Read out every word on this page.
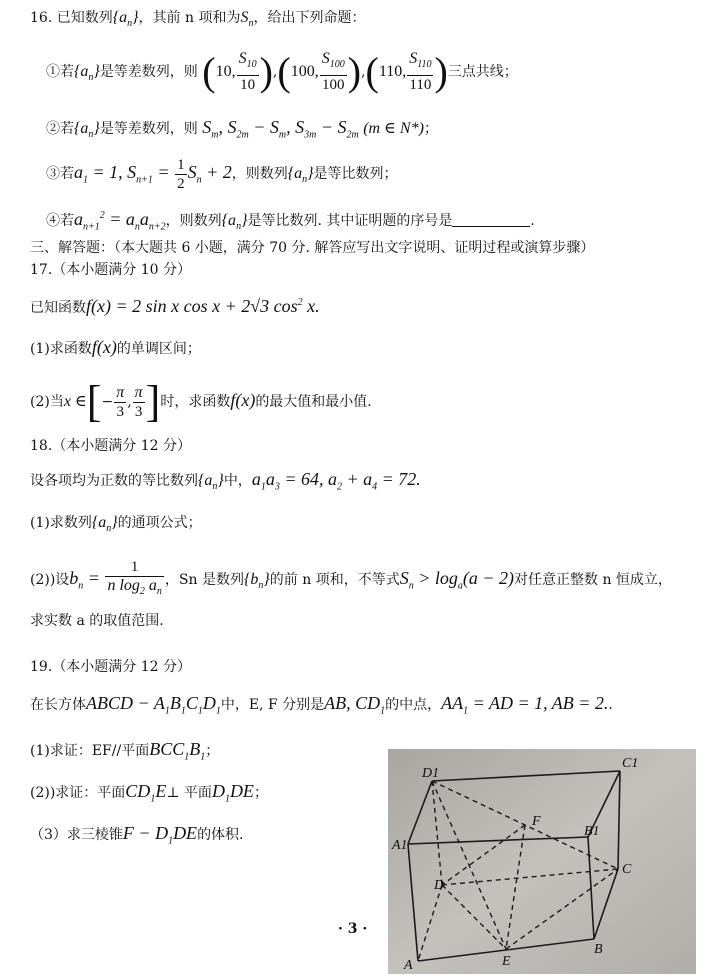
16. 已知数列$\{a_n\}$，其前 n 项和为$S_n$，给出下列命题：
①若$\{a_n\}$是等差数列，则 (10, $\frac{S_{10}}{10} ),(100$, $\frac{S_{100}}{100} ),(110$, $\frac{S_{110}}{110}$ )三点共线；
②若$\{a_n\}$是等差数列，则 $S_m$, $S_{2m} - S_m$, $S_{3m} - S_{2m}$ (m ∈ N*)；
③若$a_1 = 1$, $S_{n+1} = \frac{1}{2} S_n + 2$，则数列$\{a_n\}$是等比数列；
④若$a_{n+1}^2 = a_na_{n+2}$，则数列$\{a_n\}$是等比数列. 其中证明题的序号是	.
三、解答题：（本大题共 6 小题，满分 70 分. 解答应写出文字说明、证明过程或演算步骤）
17.（本小题满分 10 分）
已知函数f(x) = 2 sin x cos x + 2√3 $\cos^2 x$.
(1)求函数f(x)的单调区间；
(2)当x ∈[− $\frac{\pi}{3}$ , $\frac{\pi}{3}$ ]时，求函数f(x)的最大值和最小值.
18.（本小题满分 12 分）
设各项均为正数的等比数列$\{a_n\}$中，$a_1a_3 = 64$, $a_2 + a_4 = 72$.
(1)求数列$\{a_n\}$的通项公式；
(2))设$b_n = \frac{1}{n \log_2 a_n}$ ，Sn 是数列$\{b_n\}$的前 n 项和，不等式$S_n > \log_a(a - 2)$对任意正整数 n 恒成立，
求实数 a 的取值范围.
19.（本小题满分 12 分）
在长方体ABCD − $A_1B_1C_1D_1$中，E, F 分别是AB, $CD_1$的中点，$AA_1$ = AD = 1, AB = 2..
(1)求证：EF//平面$BCC_1B_1$；
(2))求证：平面$CD_1E\perp$ 平面$D_1DE$；
（3）求三棱锥$F - D_1DE$的体积.
D1
C1
F
B1
A1
C
D
A	E
B
· 3 ·
